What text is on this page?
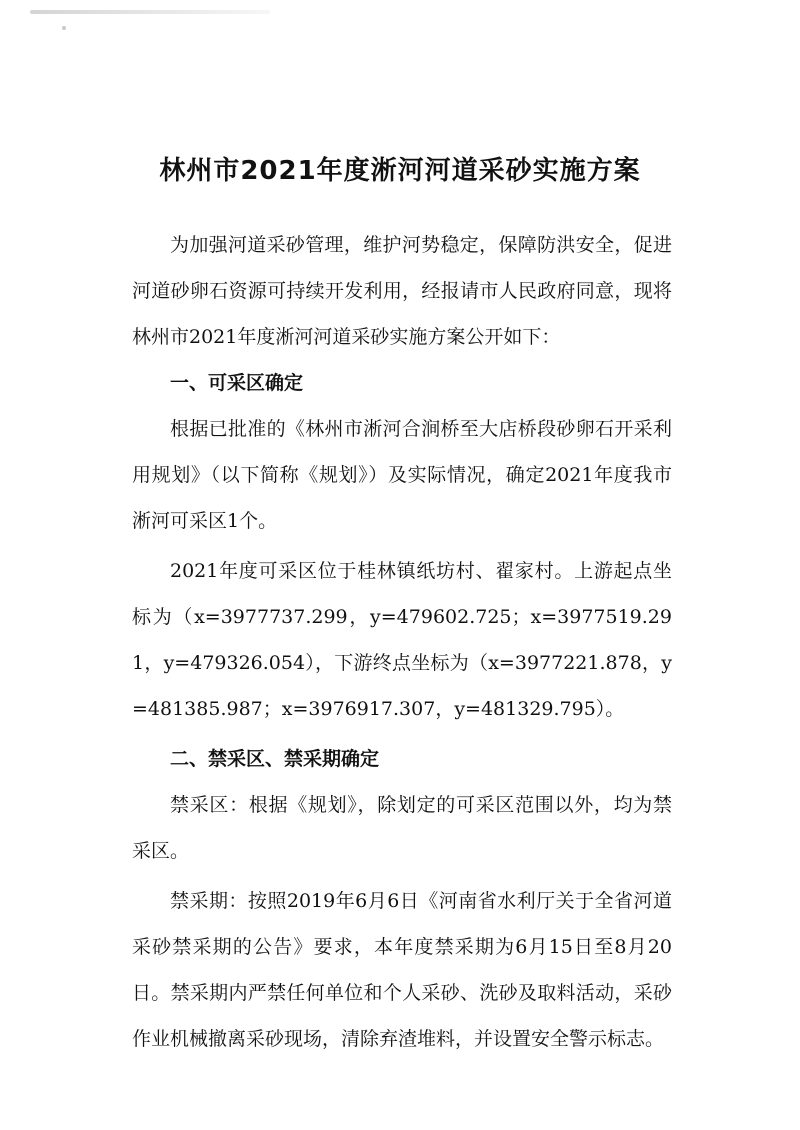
林州市2021年度淅河河道采砂实施方案

为加强河道采砂管理，维护河势稳定，保障防洪安全，促进河道砂卵石资源可持续开发利用，经报请市人民政府同意，现将林州市2021年度淅河河道采砂实施方案公开如下：

一、可采区确定

根据已批准的《林州市淅河合涧桥至大店桥段砂卵石开采利用规划》（以下简称《规划》）及实际情况，确定2021年度我市淅河可采区1个。

2021年度可采区位于桂林镇纸坊村、翟家村。上游起点坐标为（x=3977737.299，y=479602.725；x=3977519.291，y=479326.054），下游终点坐标为（x=3977221.878，y=481385.987；x=3976917.307，y=481329.795）。

二、禁采区、禁采期确定

禁采区：根据《规划》，除划定的可采区范围以外，均为禁采区。

禁采期：按照2019年6月6日《河南省水利厅关于全省河道采砂禁采期的公告》要求，本年度禁采期为6月15日至8月20日。禁采期内严禁任何单位和个人采砂、洗砂及取料活动，采砂作业机械撤离采砂现场，清除弃渣堆料，并设置安全警示标志。
